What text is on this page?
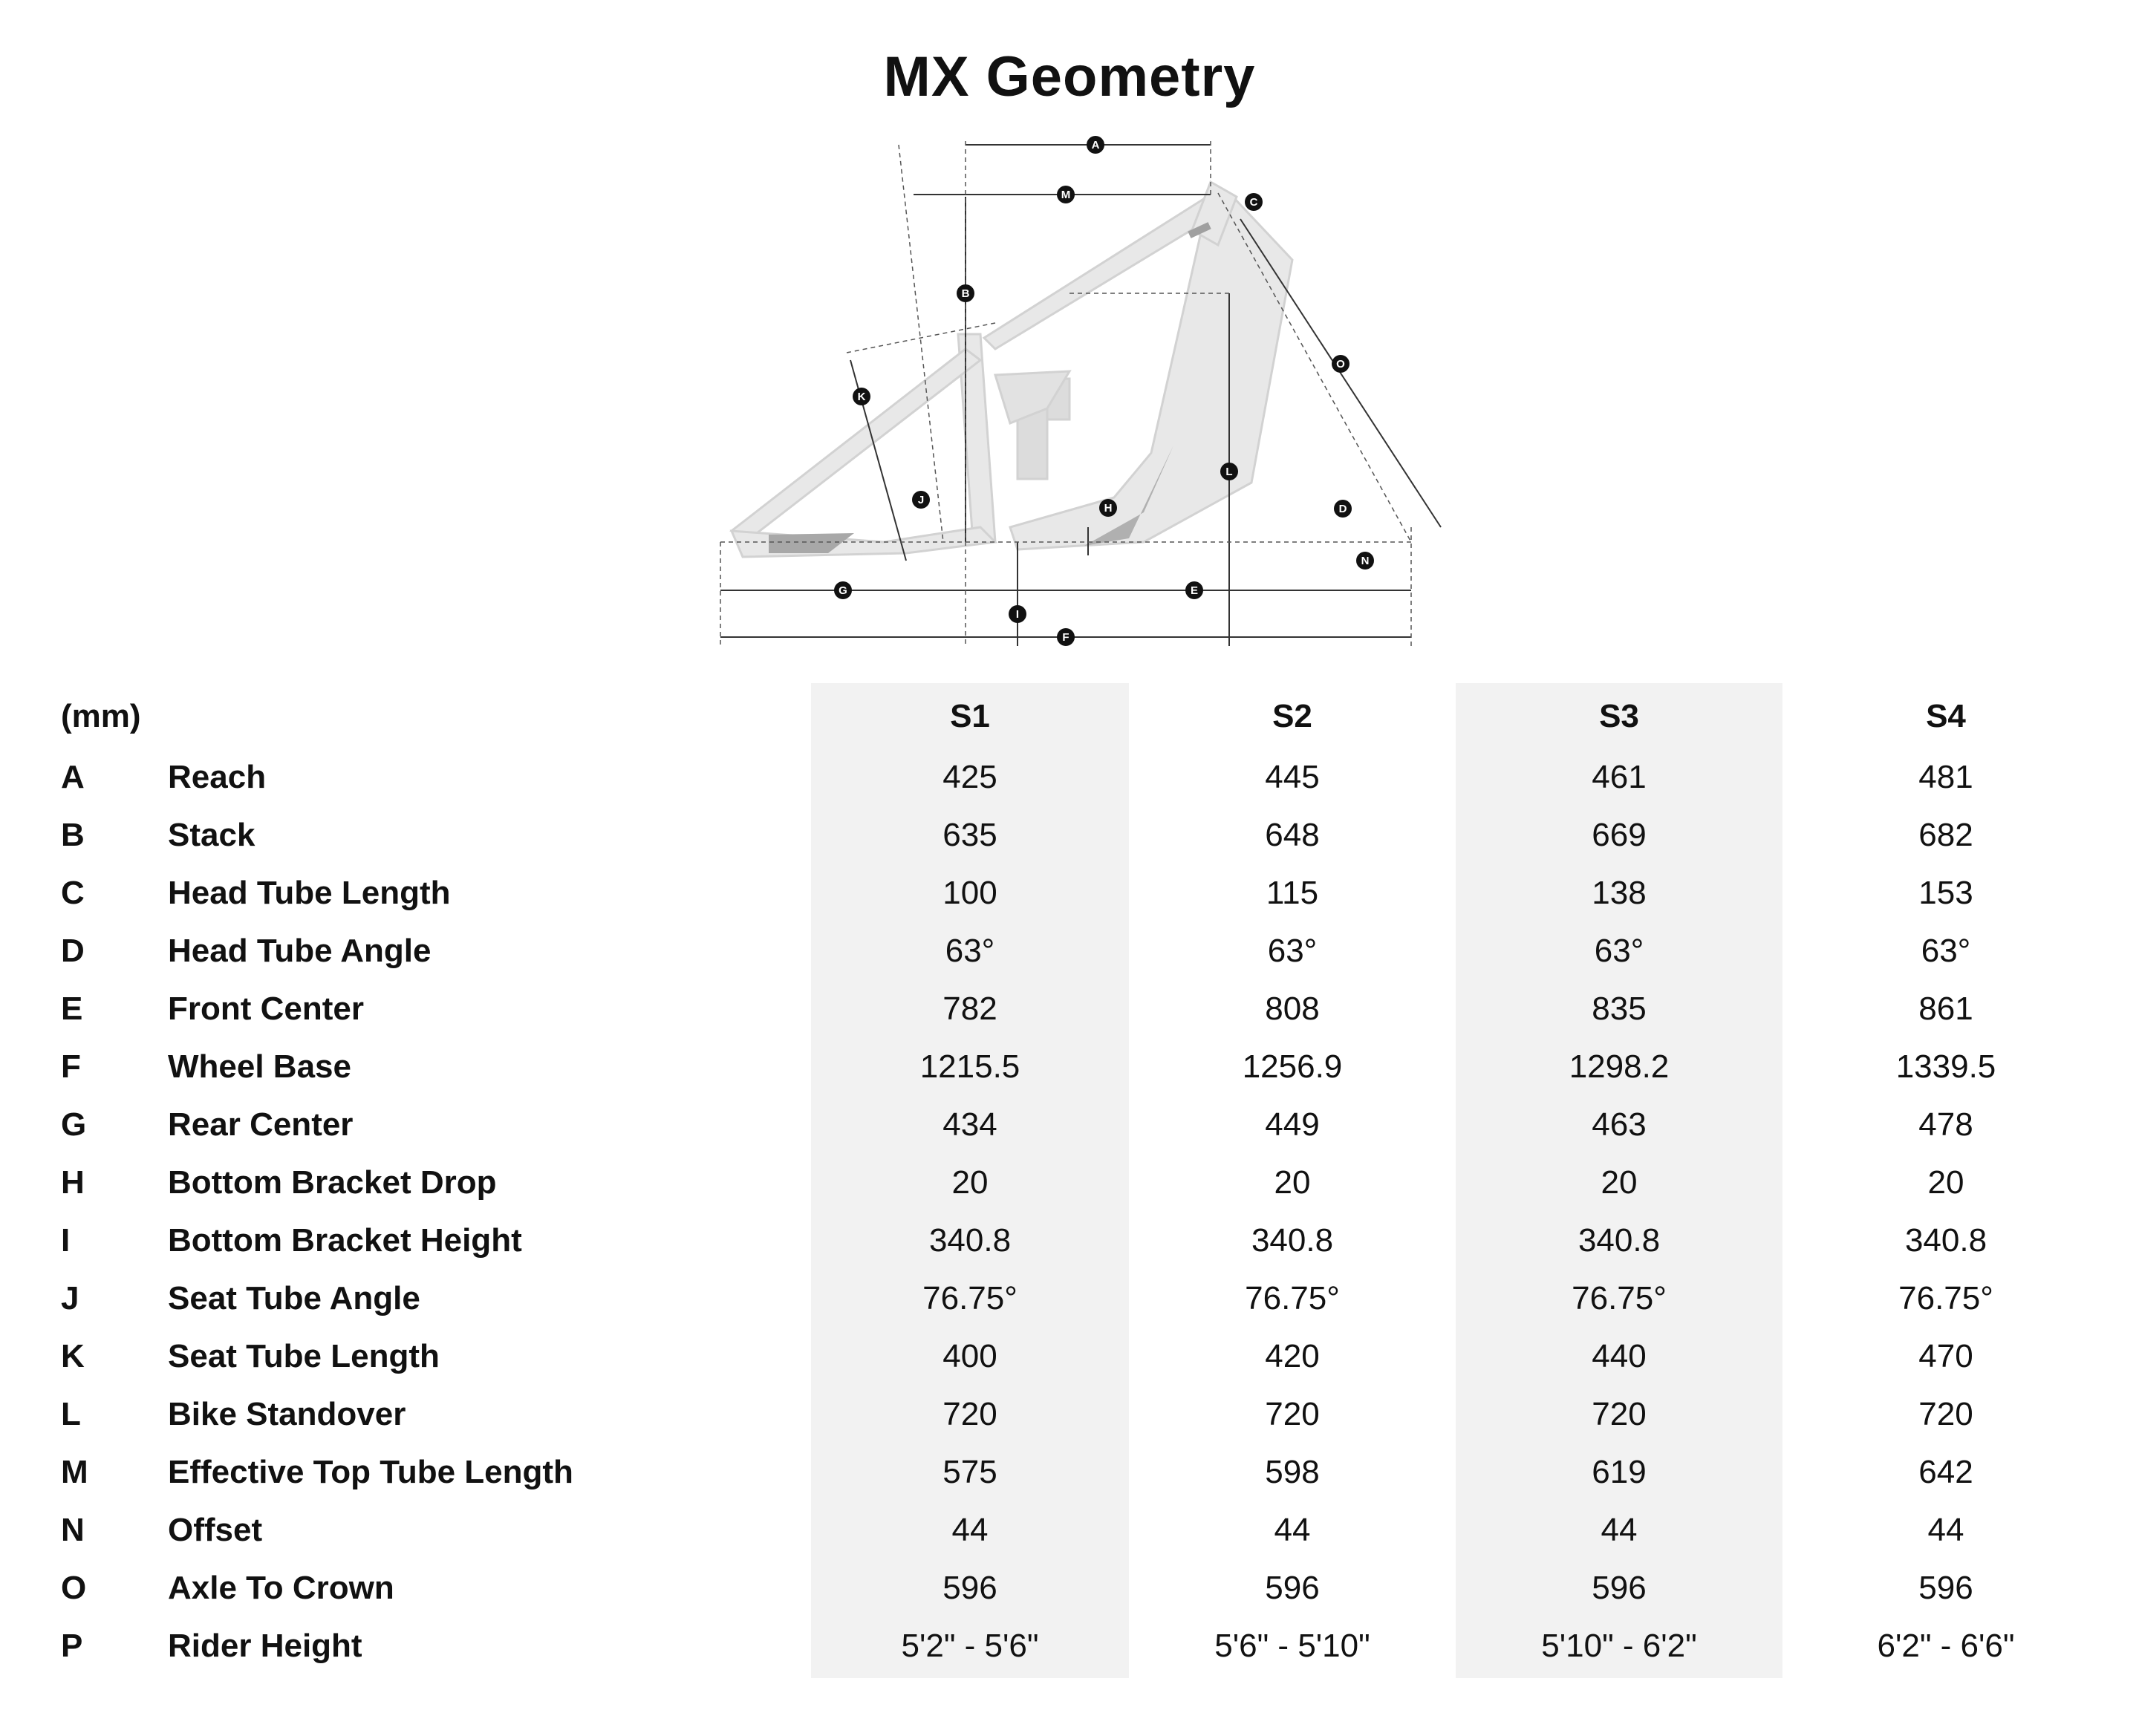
MX Geometry
A
M
C
B
O
K
L
J
H	D
N
G	E
I
F
(mm)	S1	S2	S3	S4
A	Reach	425	445	461	481
B	Stack	635	648	669	682
C	Head Tube Length	100	115	138	153
D	Head Tube Angle	63°	63°	63°	63°
E	Front Center	782	808	835	861
F	Wheel Base	1215.5	1256.9	1298.2	1339.5
G Rear Center	434	449	463	478
H	Bottom Bracket Drop	20	20	20	20
I	Bottom Bracket Height	340.8	340.8	340.8	340.8
J	Seat Tube Angle	76.75°	76.75°	76.75°	76.75°
K	Seat Tube Length	400	420	440	470
L	Bike Standover	720	720	720	720
M Effective Top Tube Length	575	598	619	642
N	Offset	44	44	44	44
O Axle To Crown	596	596	596	596
P	Rider Height	5'2" - 5'6"	5'6" - 5'10"	5'10" - 6'2"	6'2" - 6'6"
